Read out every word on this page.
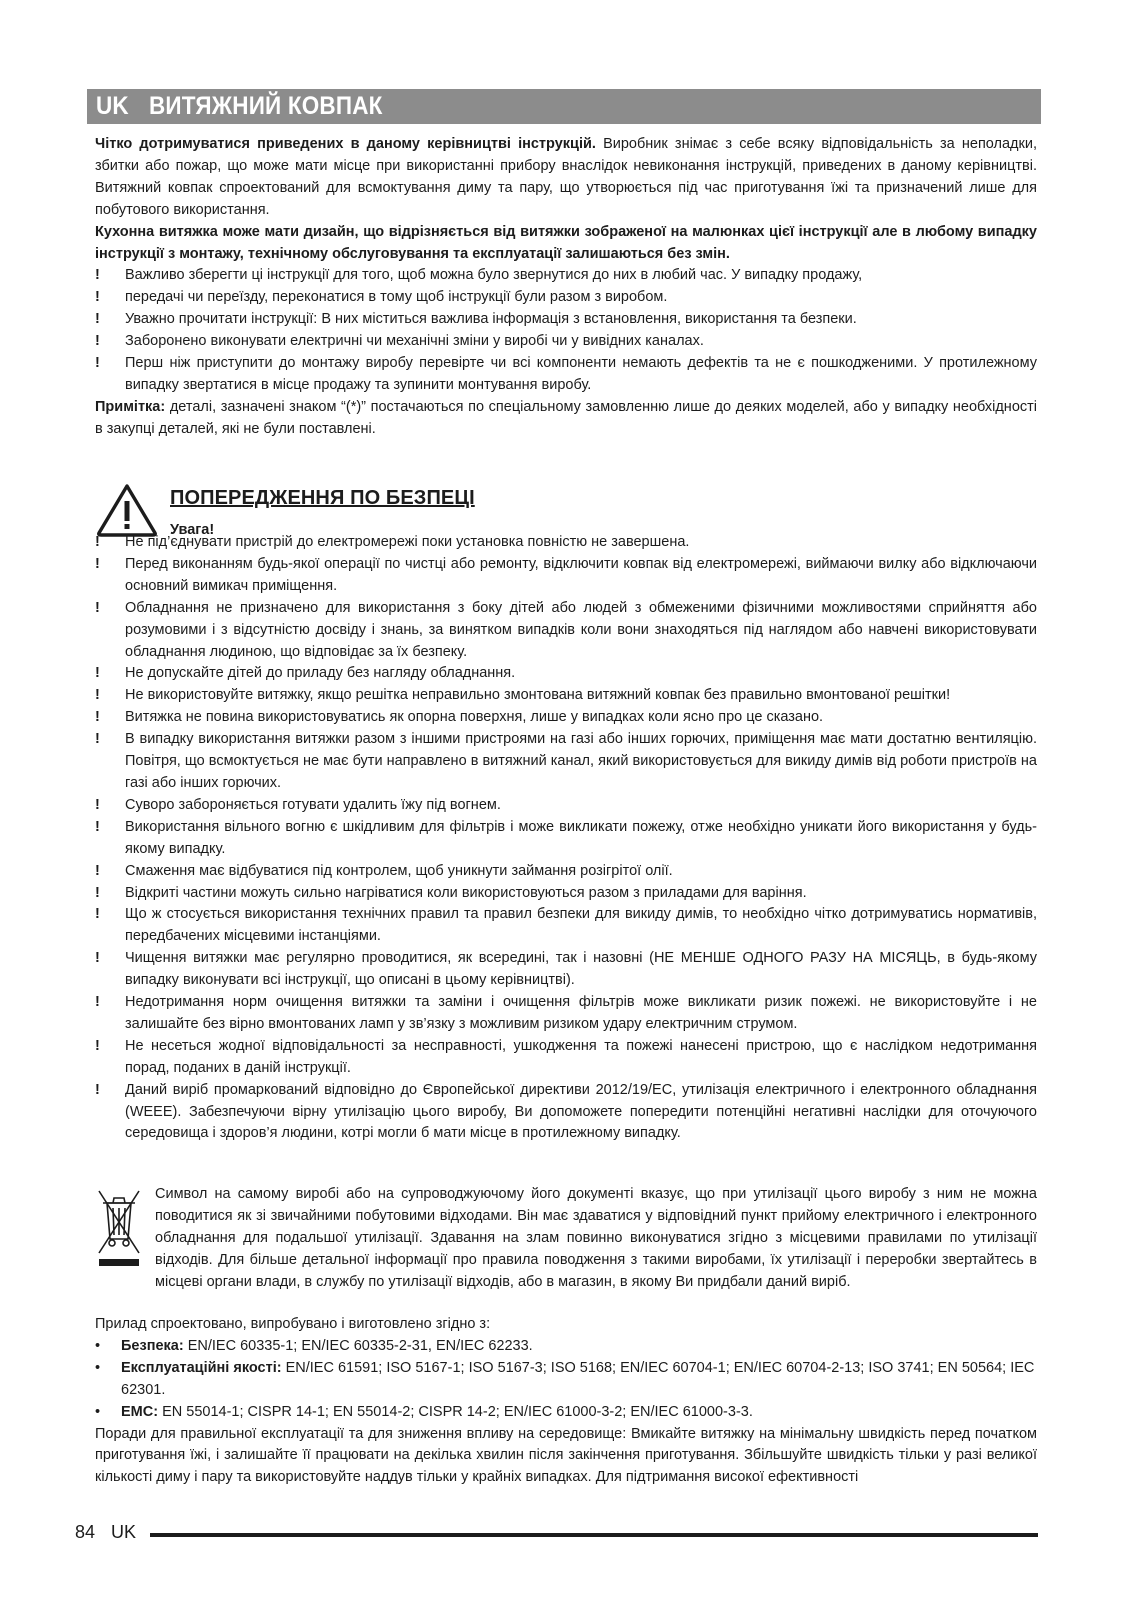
UK ВИТЯЖНИЙ КОВПАК

Чітко дотримуватися приведених в даному керівництві інструкцій. Виробник знімає з себе всяку відповідальність за неполадки, збитки або пожар, що може мати місце при використанні прибору внаслідок невиконання інструкцій, приведених в даному керівництві. Витяжний ковпак спроектований для всмоктування диму та пару, що утворюється під час приготування їжі та призначений лише для побутового використання.

Кухонна витяжка може мати дизайн, що відрізняється від витяжки зображеної на малюнках цієї інструкції але в любому випадку інструкції з монтажу, технічному обслуговування та експлуатації залишаються без змін.

! Важливо зберегти ці інструкції для того, щоб можна було звернутися до них в любий час. У випадку продажу,
! передачі чи переїзду, переконатися в тому щоб інструкції були разом з виробом.
! Уважно прочитати інструкції: В них міститься важлива інформація з встановлення, використання та безпеки.
! Заборонено виконувати електричні чи механічні зміни у виробі чи у вивідних каналах.
! Перш ніж приступити до монтажу виробу перевірте чи всі компоненти немають дефектів та не є пошкодженими. У протилежному випадку звертатися в місце продажу та зупинити монтування виробу.

Примітка: деталі, зазначені знаком “(*)” постачаються по спеціальному замовленню лише до деяких моделей, або у випадку необхідності в закупці деталей, які не були поставлені.

ПОПЕРЕДЖЕННЯ ПО БЕЗПЕЦІ
Увага!
! Не під’єднувати пристрій до електромережі поки установка повністю не завершена.
! Перед виконанням будь-якої операції по чистці або ремонту, відключити ковпак від електромережі, виймаючи вилку або відключаючи основний вимикач приміщення.
! Обладнання не призначено для використання з боку дітей або людей з обмеженими фізичними можливостями сприйняття або розумовими і з відсутністю досвіду і знань, за винятком випадків коли вони знаходяться під наглядом або навчені використовувати обладнання людиною, що відповідає за їх безпеку.
! Не допускайте дітей до приладу без нагляду обладнання.
! Не використовуйте витяжку, якщо решітка неправильно змонтована витяжний ковпак без правильно вмонтованої решітки!
! Витяжка не повина використовуватись як опорна поверхня, лише у випадках коли ясно про це сказано.
! В випадку використання витяжки разом з іншими пристроями на газі або інших горючих, приміщення має мати достатню вентиляцію. Повітря, що всмоктується не має бути направлено в витяжний канал, який використовується для викиду димів від роботи пристроїв на газі або інших горючих.
! Суворо забороняється готувати удалить їжу під вогнем.
! Використання вільного вогню є шкідливим для фільтрів і може викликати пожежу, отже необхідно уникати його використання у будь-якому випадку.
! Смаження має відбуватися під контролем, щоб уникнути займання розігрітої олії.
! Відкриті частини можуть сильно нагріватися коли використовуються разом з приладами для варіння.
! Що ж стосується використання технічних правил та правил безпеки для викиду димів, то необхідно чітко дотримуватись нормативів, передбачених місцевими інстанціями.
! Чищення витяжки має регулярно проводитися, як всередині, так і назовні (НЕ МЕНШЕ ОДНОГО РАЗУ НА МІСЯЦЬ, в будь-якому випадку виконувати всі інструкції, що описані в цьому керівництві).
! Недотримання норм очищення витяжки та заміни і очищення фільтрів може викликати ризик пожежі. не використовуйте і не залишайте без вірно вмонтованих ламп у зв’язку з можливим ризиком удару електричним струмом.
! Не несеться жодної відповідальності за несправності, ушкодження та пожежі нанесені пристрою, що є наслідком недотримання порад, поданих в даній інструкції.
! Даний виріб промаркований відповідно до Європейської директиви 2012/19/EC, утилізація електричного і електронного обладнання (WEEE). Забезпечуючи вірну утилізацію цього виробу, Ви допоможете попередити потенційні негативні наслідки для оточуючого середовища і здоров’я людини, котрі могли б мати місце в протилежному випадку.
Символ на самому виробі або на супроводжуючому його документі вказує, що при утилізації цього виробу з ним не можна поводитися як зі звичайними побутовими відходами. Він має здаватися у відповідний пункт прийому електричного і електронного обладнання для подальшої утилізації. Здавання на злам повинно виконуватися згідно з місцевими правилами по утилізації відходів. Для більше детальної інформації про правила поводження з такими виробами, їх утилізації і переробки звертайтесь в місцеві органи влади, в службу по утилізації відходів, або в магазин, в якому Ви придбали даний виріб.

Прилад спроектовано, випробувано і виготовлено згідно з:

• Безпека: EN/IEC 60335-1; EN/IEC 60335-2-31, EN/IEC 62233.
• Експлуатаційні якості: EN/IEC 61591; ISO 5167-1; ISO 5167-3; ISO 5168; EN/IEC 60704-1; EN/IEC 60704-2-13; ISO 3741; EN 50564; IEC 62301.
• ЕМС: EN 55014-1; CISPR 14-1; EN 55014-2; CISPR 14-2; EN/IEC 61000-3-2; EN/IEC 61000-3-3.

Поради для правильної експлуатації та для зниження впливу на середовище: Вмикайте витяжку на мінімальну швидкість перед початком приготування їжі, і залишайте її працювати на декілька хвилин після закінчення приготування. Збільшуйте швидкість тільки у разі великої кількості диму і пару та використовуйте наддув тільки у крайніх випадках. Для підтримання високої ефективності

84 UK
